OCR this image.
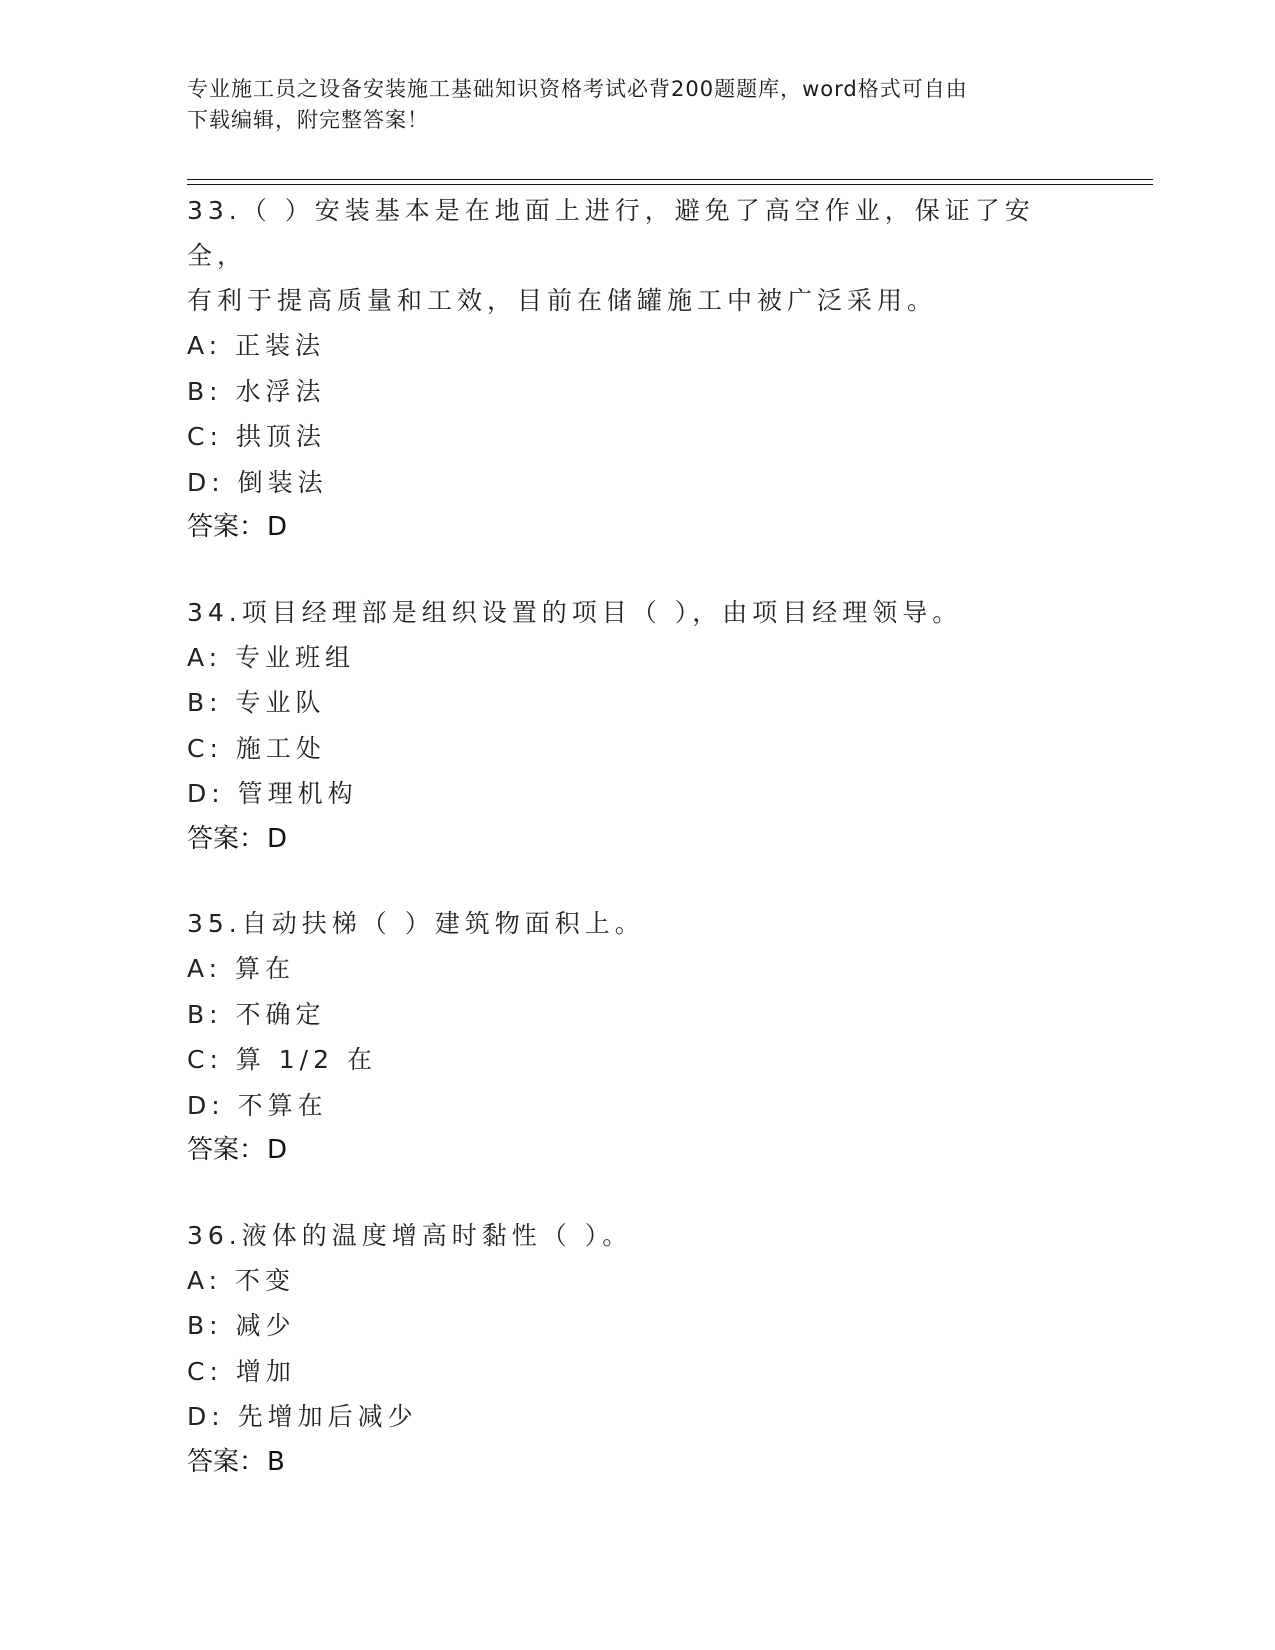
专业施工员之设备安装施工基础知识资格考试必背200题题库，word格式可自由
下载编辑，附完整答案！

33.（ ）安装基本是在地面上进行，避免了高空作业，保证了安全，

有利于提高质量和工效，目前在储罐施工中被广泛采用。

A: 正装法

B: 水浮法

C: 拱顶法

D: 倒装法

答案：D

34.项目经理部是组织设置的项目（ ），由项目经理领导。

A: 专业班组

B: 专业队

C: 施工处

D: 管理机构

答案：D

35.自动扶梯（ ）建筑物面积上。

A: 算在

B: 不确定

C: 算 1/2 在

D: 不算在

答案：D

36.液体的温度增高时黏性（ ）。

A: 不变

B: 减少

C: 增加

D: 先增加后减少

答案：B
